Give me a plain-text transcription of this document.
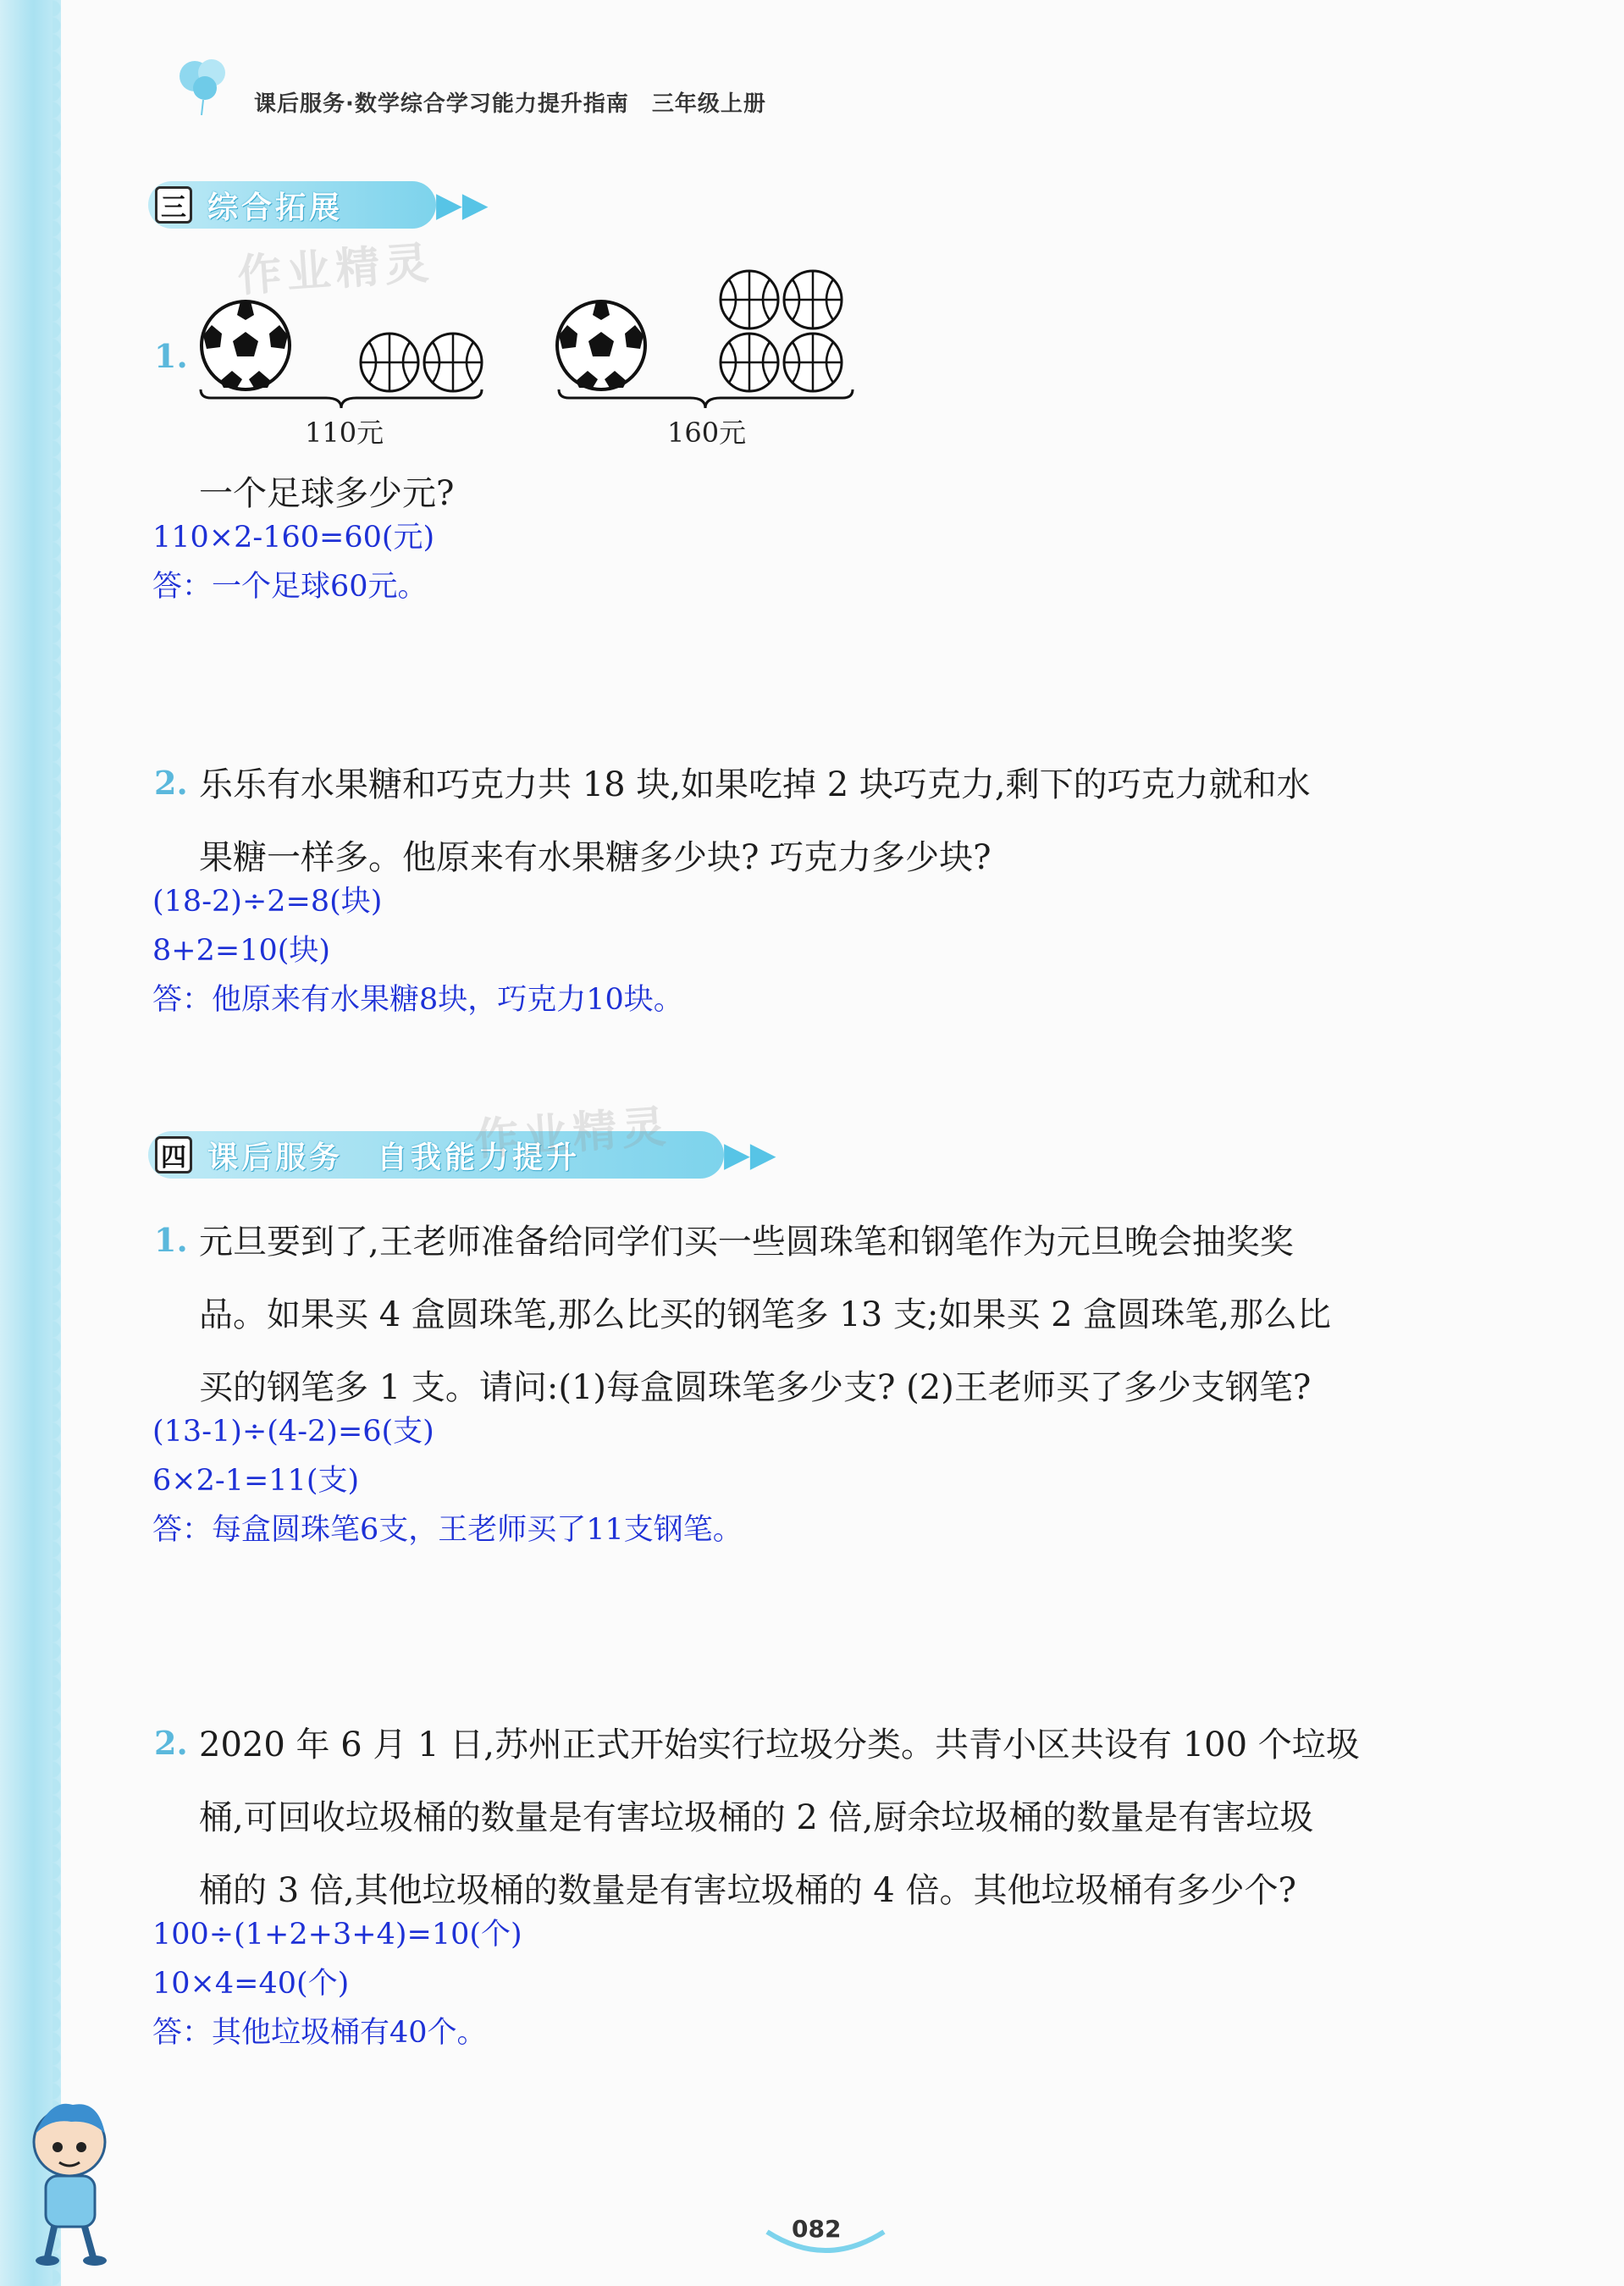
课后服务·数学综合学习能力提升指南　三年级上册
三 综合拓展	▶▶
作业精灵
1.
110元	160元
一个足球多少元?
110×2-160=60(元)
答：一个足球60元。
2. 乐乐有水果糖和巧克力共 18 块,如果吃掉 2 块巧克力,剩下的巧克力就和水
果糖一样多。他原来有水果糖多少块? 巧克力多少块?
(18-2)÷2=8(块)
8+2=10(块)
答：他原来有水果糖8块，巧克力10块。
四 课后服务　自我能力提升	▶▶
作业精灵
1. 元旦要到了,王老师准备给同学们买一些圆珠笔和钢笔作为元旦晚会抽奖奖
品。如果买 4 盒圆珠笔,那么比买的钢笔多 13 支;如果买 2 盒圆珠笔,那么比
买的钢笔多 1 支。请问:(1)每盒圆珠笔多少支? (2)王老师买了多少支钢笔?
(13-1)÷(4-2)=6(支)
6×2-1=11(支)
答：每盒圆珠笔6支，王老师买了11支钢笔。
2. 2020 年 6 月 1 日,苏州正式开始实行垃圾分类。共青小区共设有 100 个垃圾
桶,可回收垃圾桶的数量是有害垃圾桶的 2 倍,厨余垃圾桶的数量是有害垃圾
桶的 3 倍,其他垃圾桶的数量是有害垃圾桶的 4 倍。其他垃圾桶有多少个?
100÷(1+2+3+4)=10(个)
10×4=40(个)
答：其他垃圾桶有40个。
082
